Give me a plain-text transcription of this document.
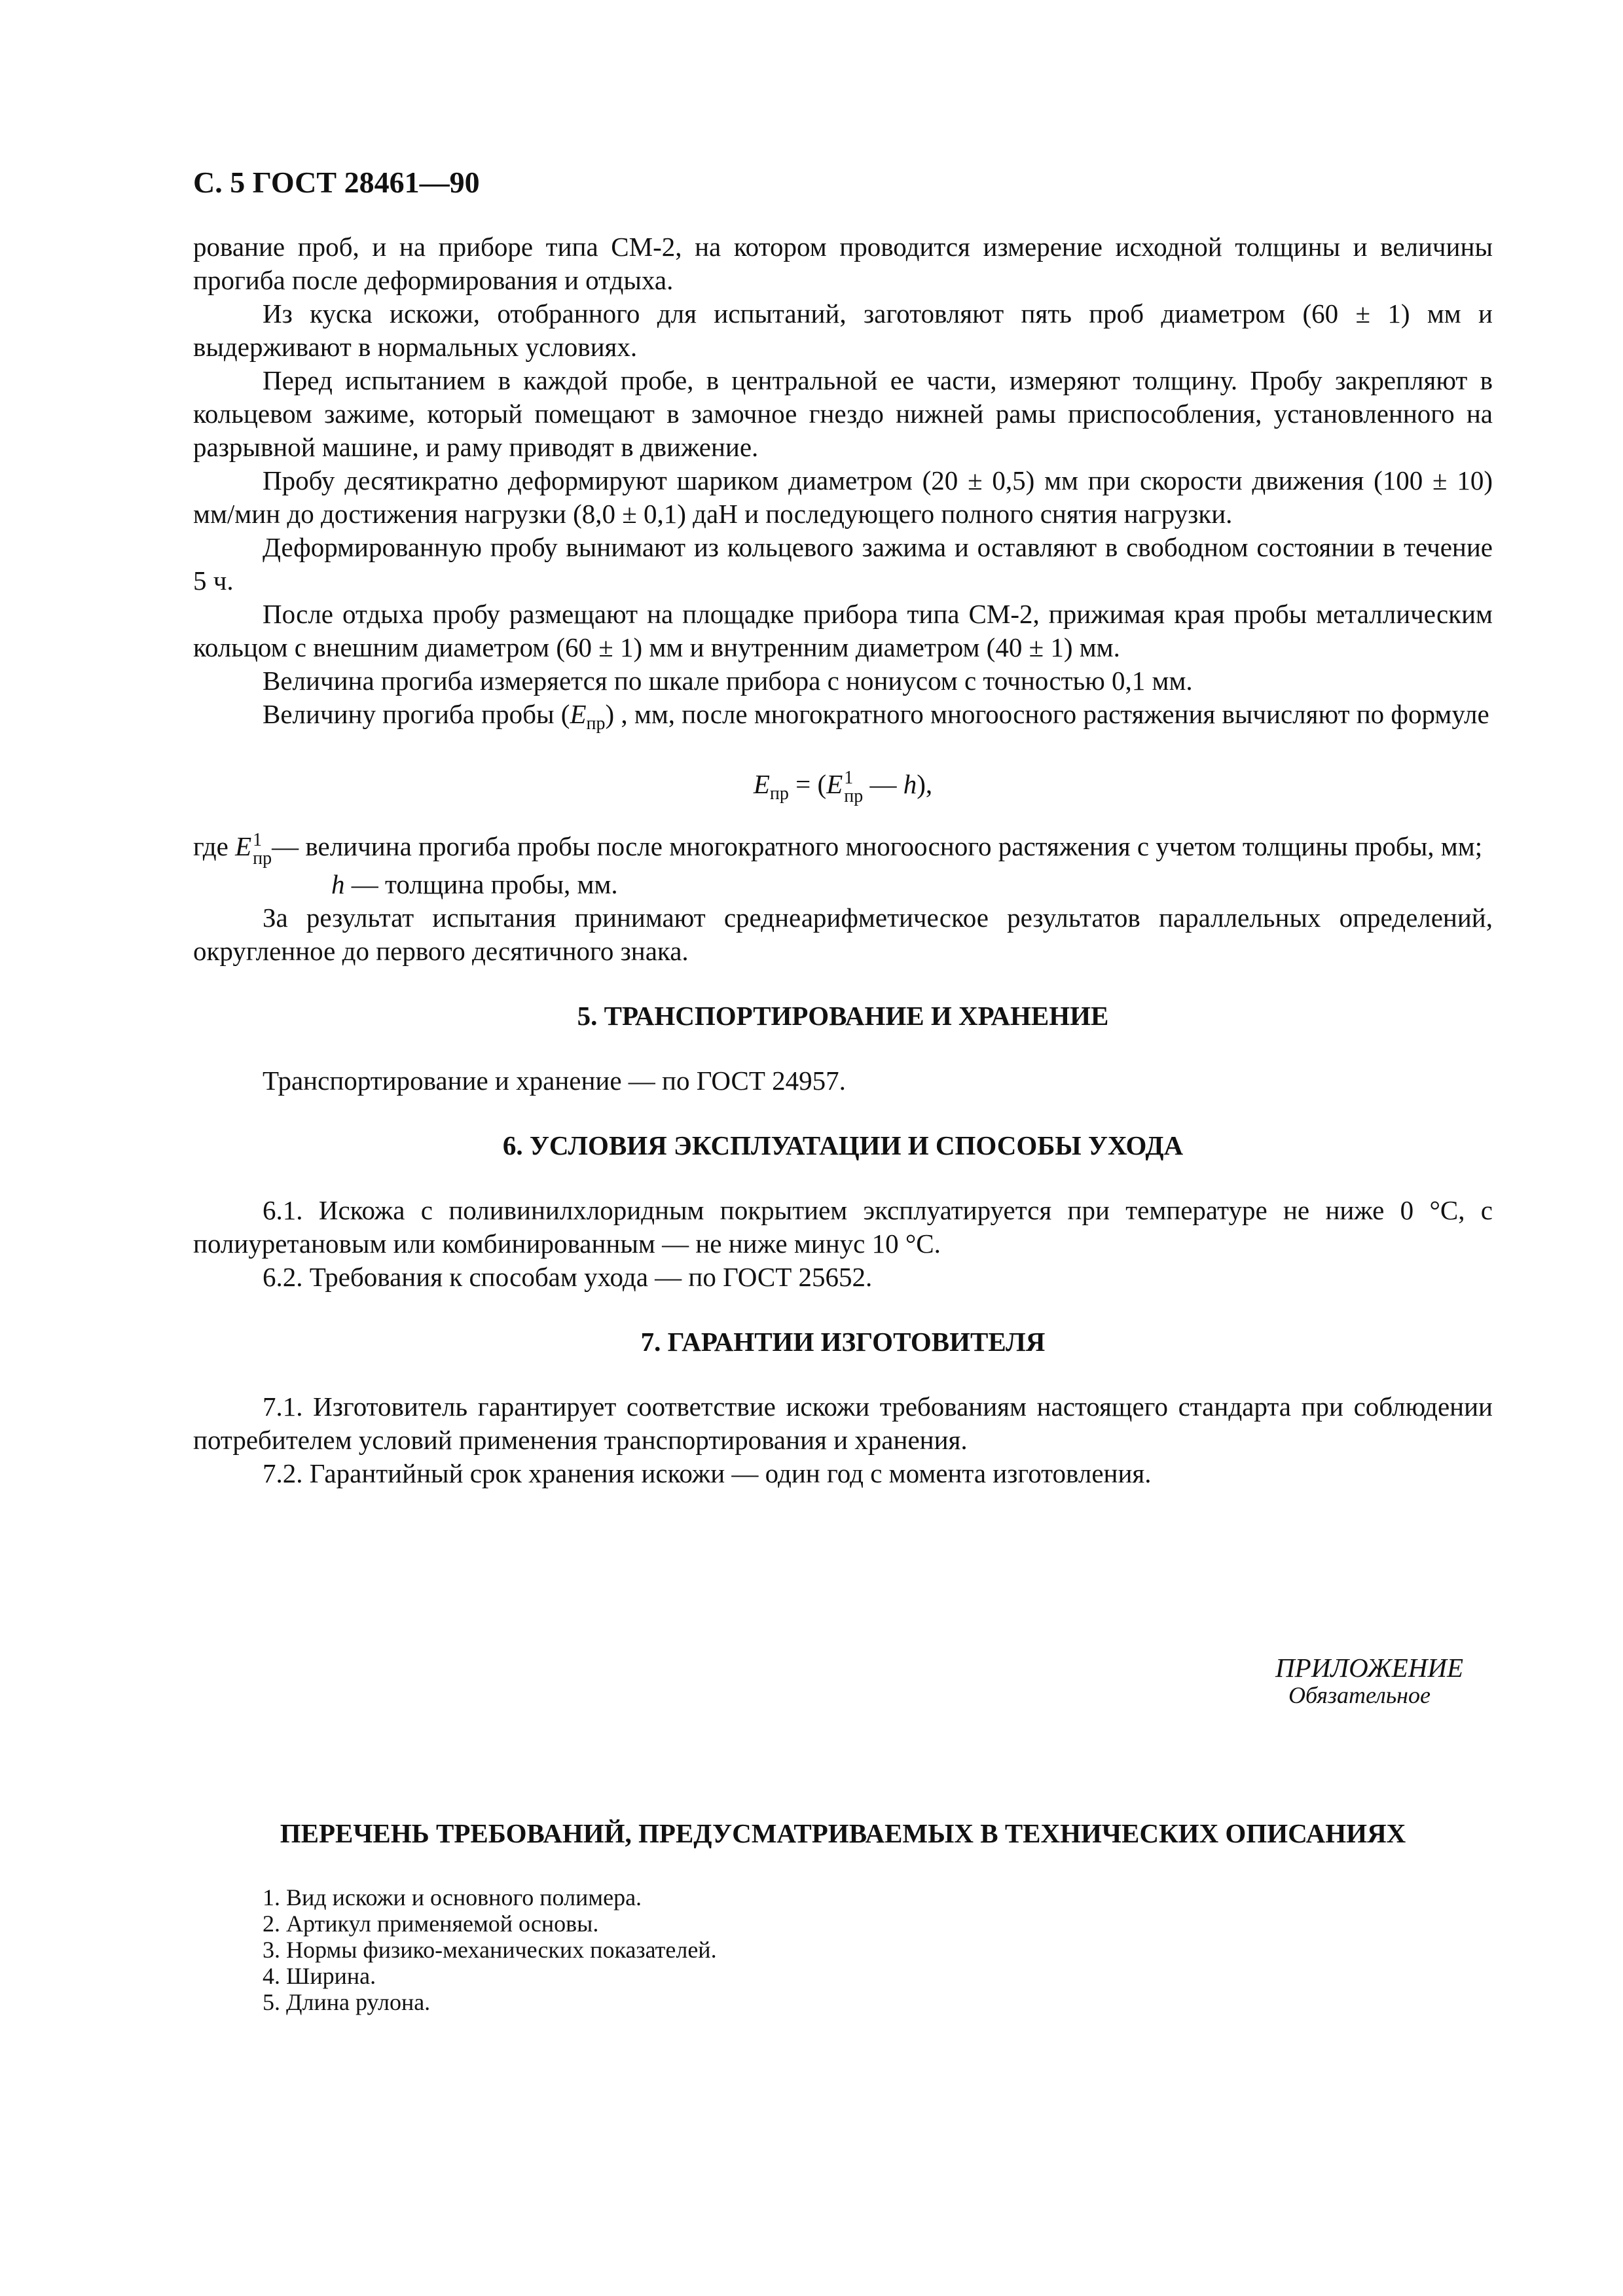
С. 5 ГОСТ 28461—90

рование проб, и на приборе типа СМ-2, на котором проводится измерение исходной толщины и величины прогиба после деформирования и отдыха.

Из куска искожи, отобранного для испытаний, заготовляют пять проб диаметром (60 ± 1) мм и выдерживают в нормальных условиях.

Перед испытанием в каждой пробе, в центральной ее части, измеряют толщину. Пробу закрепляют в кольцевом зажиме, который помещают в замочное гнездо нижней рамы приспособления, установленного на разрывной машине, и раму приводят в движение.

Пробу десятикратно деформируют шариком диаметром (20 ± 0,5) мм при скорости движения (100 ± 10) мм/мин до достижения нагрузки (8,0 ± 0,1) даН и последующего полного снятия нагрузки.

Деформированную пробу вынимают из кольцевого зажима и оставляют в свободном состоянии в течение 5 ч.

После отдыха пробу размещают на площадке прибора типа СМ-2, прижимая края пробы металлическим кольцом с внешним диаметром (60 ± 1) мм и внутренним диаметром (40 ± 1) мм.

Величина прогиба измеряется по шкале прибора с нониусом с точностью 0,1 мм.

Величину прогиба пробы $(E_{пр})$ , мм, после многократного многоосного растяжения вычисляют по формуле

$E_{пр} = (E1$
пр — h),
где E1
пр — величина прогиба пробы после многократного многоосного растяжения с учетом толщины пробы, мм;

h — толщина пробы, мм.

За результат испытания принимают среднеарифметическое результатов параллельных определений, округленное до первого десятичного знака.

5. ТРАНСПОРТИРОВАНИЕ И ХРАНЕНИЕ

Транспортирование и хранение — по ГОСТ 24957.

6. УСЛОВИЯ ЭКСПЛУАТАЦИИ И СПОСОБЫ УХОДА

6.1. Искожа с поливинилхлоридным покрытием эксплуатируется при температуре не ниже 0 °С, с полиуретановым или комбинированным — не ниже минус 10 °С.

6.2. Требования к способам ухода — по ГОСТ 25652.

7. ГАРАНТИИ ИЗГОТОВИТЕЛЯ

7.1. Изготовитель гарантирует соответствие искожи требованиям настоящего стандарта при соблюдении потребителем условий применения транспортирования и хранения.

7.2. Гарантийный срок хранения искожи — один год с момента изготовления.

ПРИЛОЖЕНИЕ
Обязательное
ПЕРЕЧЕНЬ ТРЕБОВАНИЙ, ПРЕДУСМАТРИВАЕМЫХ В ТЕХНИЧЕСКИХ ОПИСАНИЯХ
1. Вид искожи и основного полимера.
2. Артикул применяемой основы.
3. Нормы физико-механических показателей.
4. Ширина.
5. Длина рулона.
